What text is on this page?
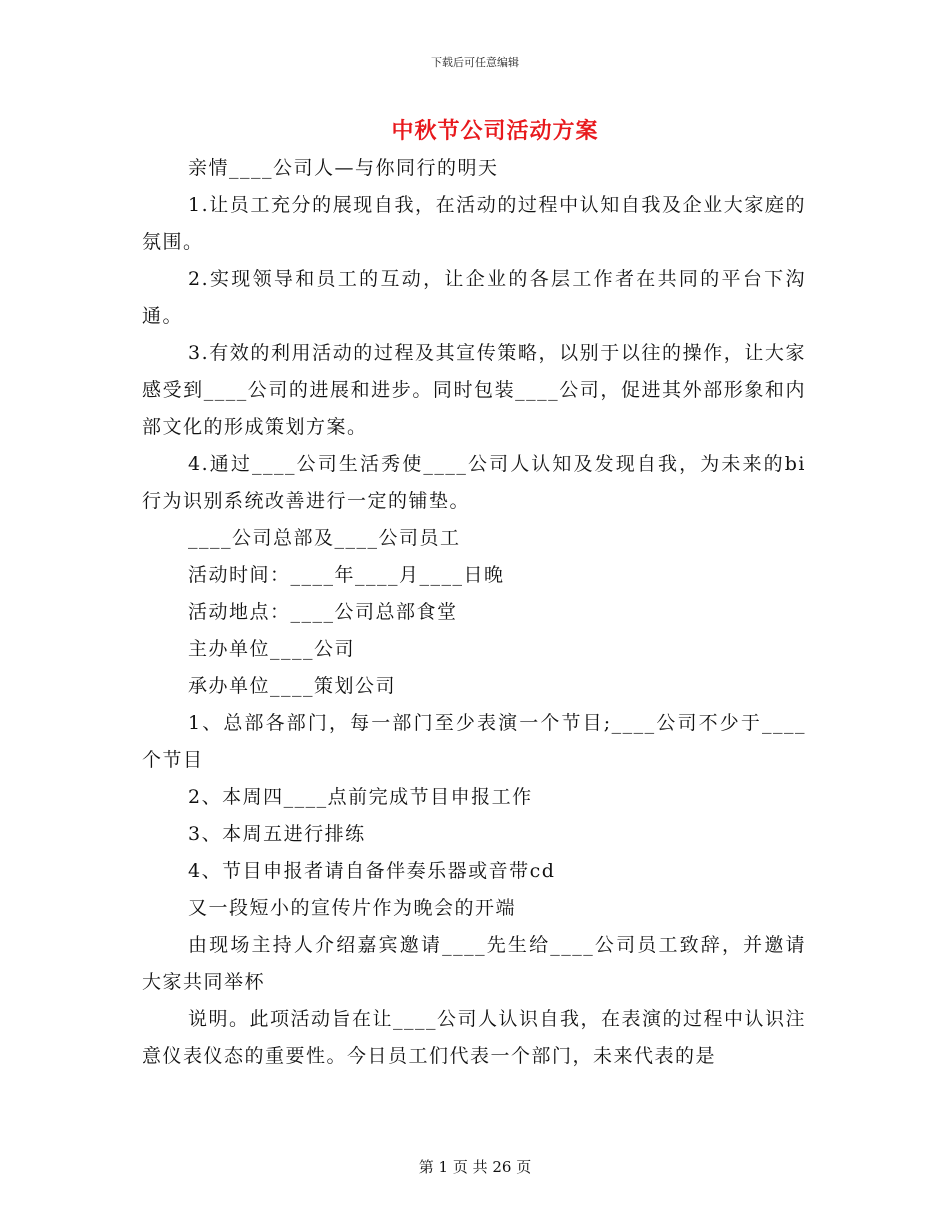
下载后可任意编辑
中秋节公司活动方案

亲情____公司人—与你同行的明天

1.让员工充分的展现自我，在活动的过程中认知自我及企业大家庭的氛围。

2.实现领导和员工的互动，让企业的各层工作者在共同的平台下沟通。

3.有效的利用活动的过程及其宣传策略，以别于以往的操作，让大家感受到____公司的进展和进步。同时包装____公司，促进其外部形象和内部文化的形成策划方案。

4.通过____公司生活秀使____公司人认知及发现自我，为未来的bi行为识别系统改善进行一定的铺垫。

____公司总部及____公司员工

活动时间：____年____月____日晚

活动地点：____公司总部食堂

主办单位____公司

承办单位____策划公司

1、总部各部门，每一部门至少表演一个节目;____公司不少于____个节目

2、本周四____点前完成节目申报工作

3、本周五进行排练

4、节目申报者请自备伴奏乐器或音带cd

又一段短小的宣传片作为晚会的开端

由现场主持人介绍嘉宾邀请____先生给____公司员工致辞，并邀请大家共同举杯

说明。此项活动旨在让____公司人认识自我，在表演的过程中认识注意仪表仪态的重要性。今日员工们代表一个部门，未来代表的是

第 1 页 共 26 页
